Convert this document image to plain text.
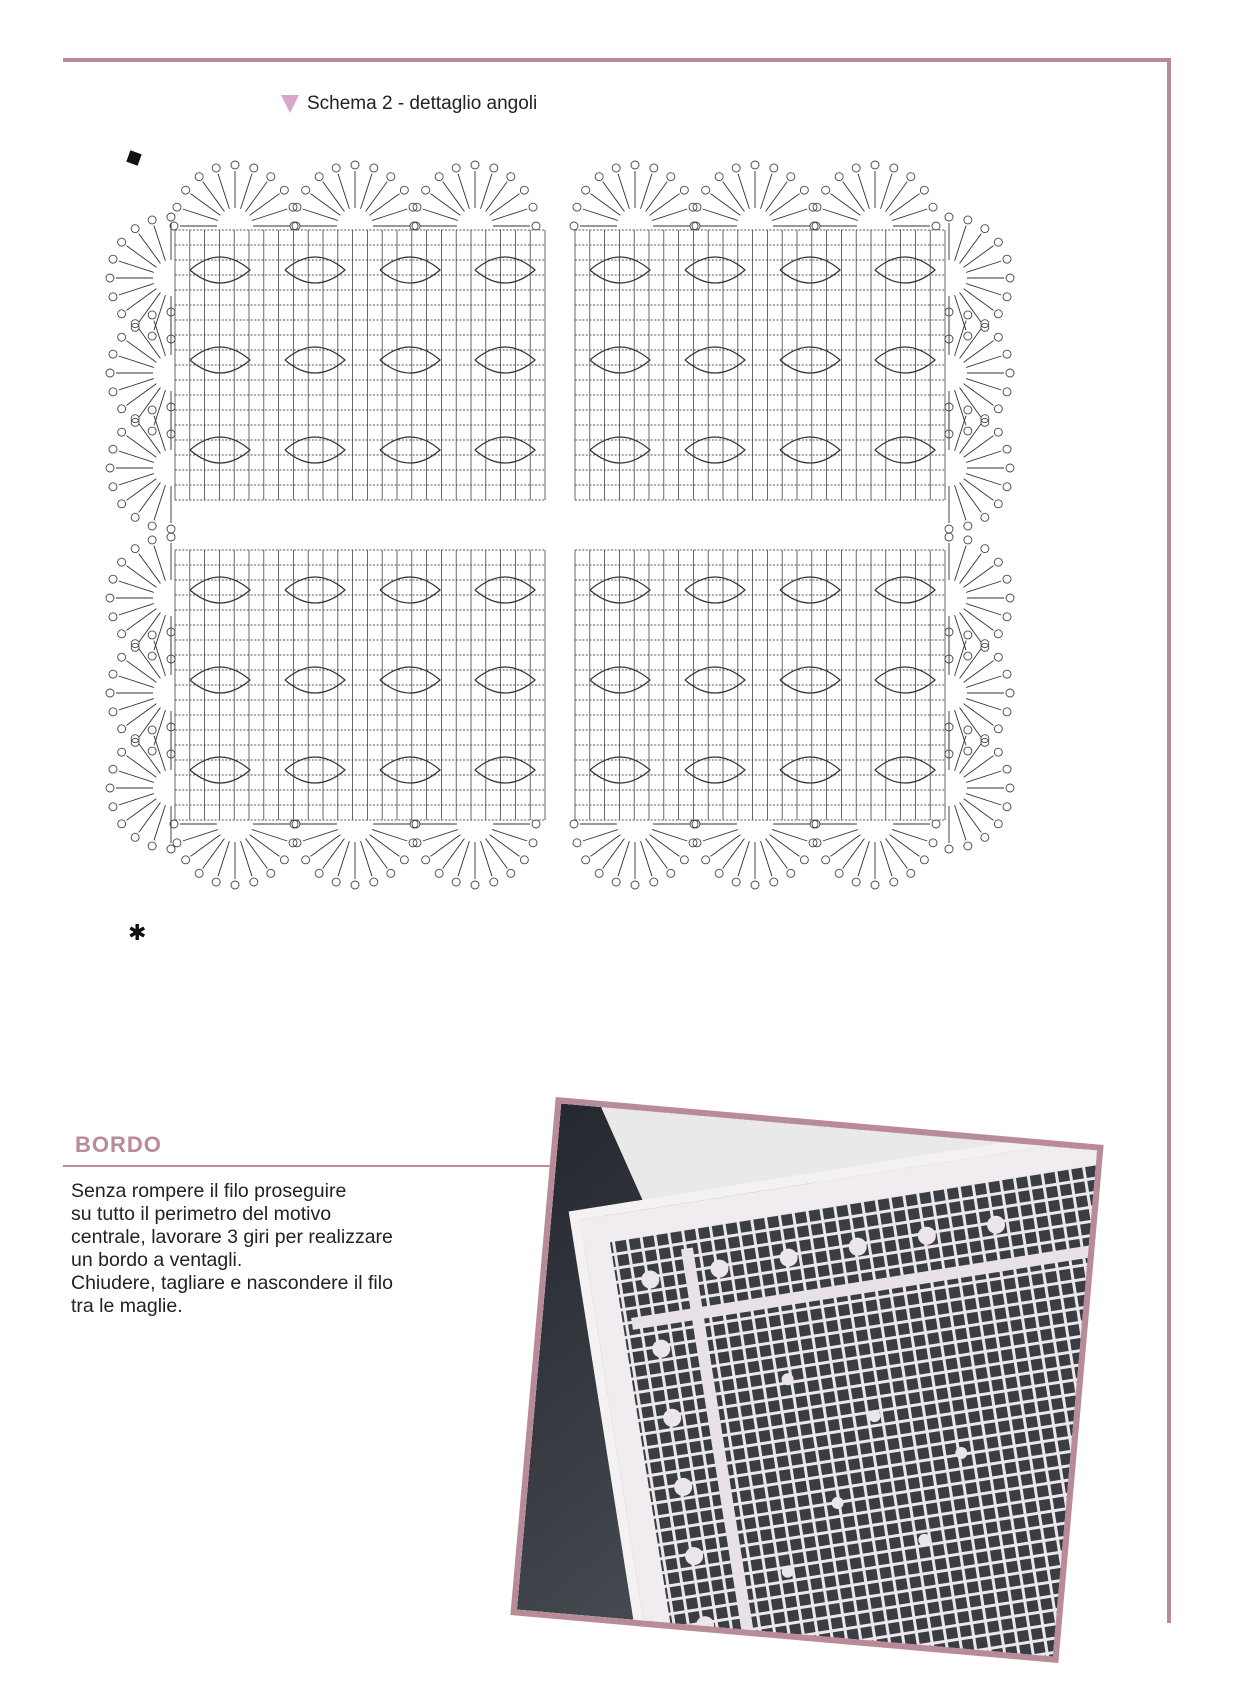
Schema 2 - dettaglio angoli
✱
BORDO

Senza rompere il filo proseguire

su tutto il perimetro del motivo

centrale, lavorare 3 giri per realizzare

un bordo a ventagli.

Chiudere, tagliare e nascondere il filo

tra le maglie.
